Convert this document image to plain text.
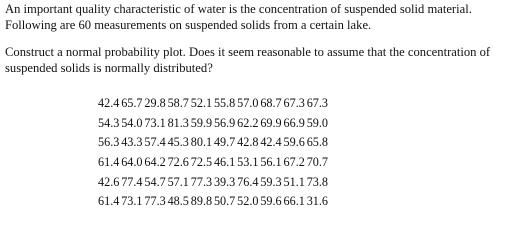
An important quality characteristic of water is the concentration of suspended solid material.
Following are 60 measurements on suspended solids from a certain lake.

Construct a normal probability plot. Does it seem reasonable to assume that the concentration of
suspended solids is normally distributed?

42.4	65.7	29.8	58.7	52.1	55.8	57.0	68.7	67.3	67.3
54.3	54.0	73.1	81.3	59.9	56.9	62.2	69.9	66.9	59.0
56.3	43.3	57.4	45.3	80.1	49.7	42.8	42.4	59.6	65.8
61.4	64.0	64.2	72.6	72.5	46.1	53.1	56.1	67.2	70.7
42.6	77.4	54.7	57.1	77.3	39.3	76.4	59.3	51.1	73.8
61.4	73.1	77.3	48.5	89.8	50.7	52.0	59.6	66.1	31.6
